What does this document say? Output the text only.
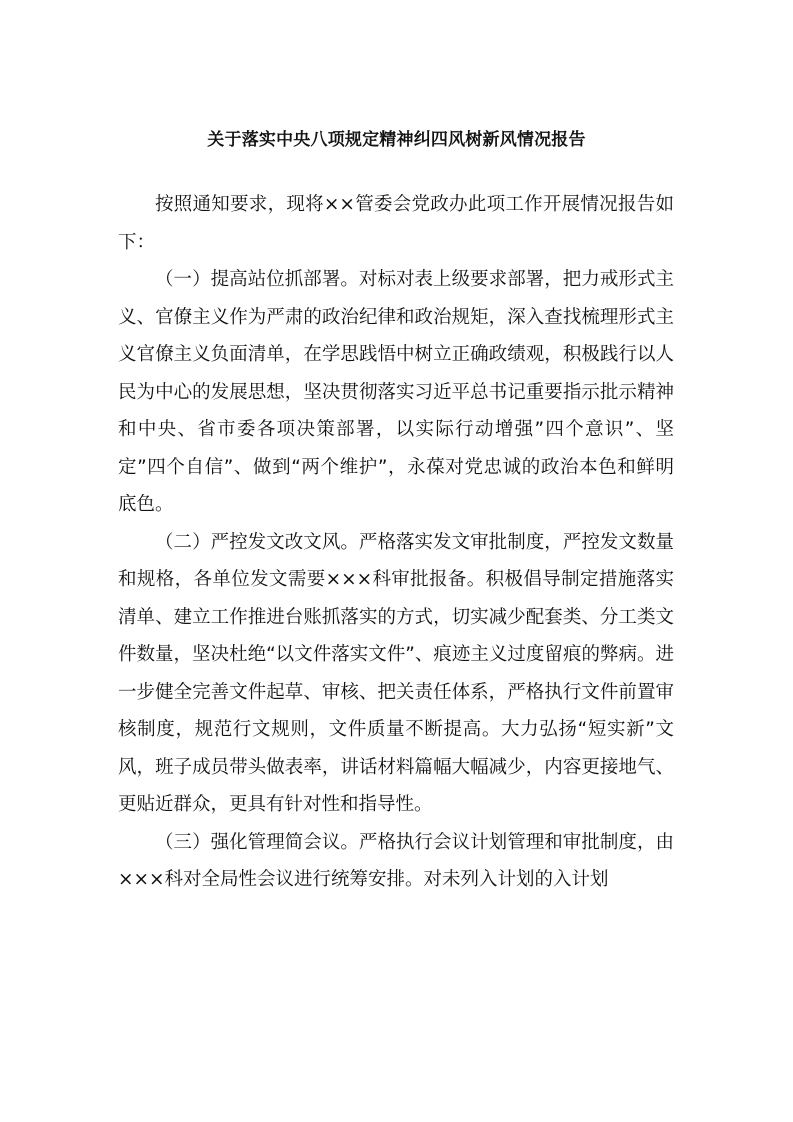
关于落实中央八项规定精神纠四风树新风情况报告

按照通知要求，现将××管委会党政办此项工作开展情况报告如下：

（一）提高站位抓部署。对标对表上级要求部署，把力戒形式主义、官僚主义作为严肃的政治纪律和政治规矩，深入查找梳理形式主义官僚主义负面清单，在学思践悟中树立正确政绩观，积极践行以人民为中心的发展思想，坚决贯彻落实习近平总书记重要指示批示精神和中央、省市委各项决策部署，以实际行动增强”四个意识”、坚定”四个自信”、做到“两个维护”，永葆对党忠诚的政治本色和鲜明底色。

（二）严控发文改文风。严格落实发文审批制度，严控发文数量和规格，各单位发文需要×××科审批报备。积极倡导制定措施落实清单、建立工作推进台账抓落实的方式，切实减少配套类、分工类文件数量，坚决杜绝“以文件落实文件”、痕迹主义过度留痕的弊病。进一步健全完善文件起草、审核、把关责任体系，严格执行文件前置审核制度，规范行文规则，文件质量不断提高。大力弘扬“短实新”文风，班子成员带头做表率，讲话材料篇幅大幅减少，内容更接地气、更贴近群众，更具有针对性和指导性。

（三）强化管理简会议。严格执行会议计划管理和审批制度，由×××科对全局性会议进行统筹安排。对未列入计划的入计划
